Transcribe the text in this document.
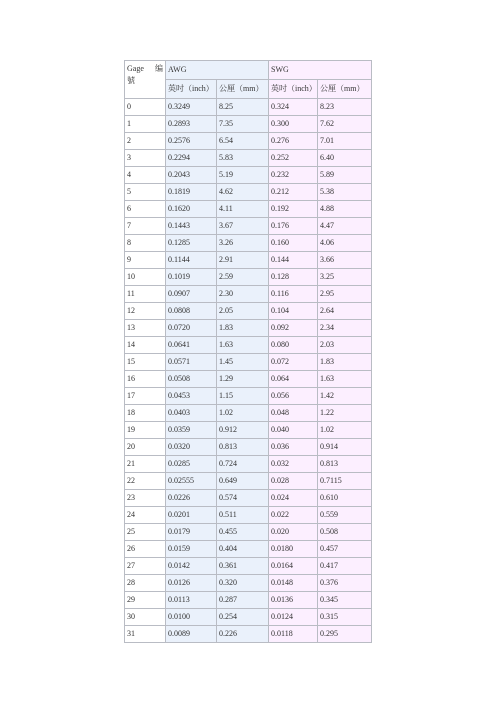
Gage 编
號	AWG		SWG	
	英吋（inch）	公厘（mm）	英吋（inch）	公厘（mm）
0	0.3249	8.25	0.324	8.23
1	0.2893	7.35	0.300	7.62
2	0.2576	6.54	0.276	7.01
3	0.2294	5.83	0.252	6.40
4	0.2043	5.19	0.232	5.89
5	0.1819	4.62	0.212	5.38
6	0.1620	4.11	0.192	4.88
7	0.1443	3.67	0.176	4.47
8	0.1285	3.26	0.160	4.06
9	0.1144	2.91	0.144	3.66
10	0.1019	2.59	0.128	3.25
11	0.0907	2.30	0.116	2.95
12	0.0808	2.05	0.104	2.64
13	0.0720	1.83	0.092	2.34
14	0.0641	1.63	0.080	2.03
15	0.0571	1.45	0.072	1.83
16	0.0508	1.29	0.064	1.63
17	0.0453	1.15	0.056	1.42
18	0.0403	1.02	0.048	1.22
19	0.0359	0.912	0.040	1.02
20	0.0320	0.813	0.036	0.914
21	0.0285	0.724	0.032	0.813
22	0.02555	0.649	0.028	0.7115
23	0.0226	0.574	0.024	0.610
24	0.0201	0.511	0.022	0.559
25	0.0179	0.455	0.020	0.508
26	0.0159	0.404	0.0180	0.457
27	0.0142	0.361	0.0164	0.417
28	0.0126	0.320	0.0148	0.376
29	0.0113	0.287	0.0136	0.345
30	0.0100	0.254	0.0124	0.315
31	0.0089	0.226	0.0118	0.295
